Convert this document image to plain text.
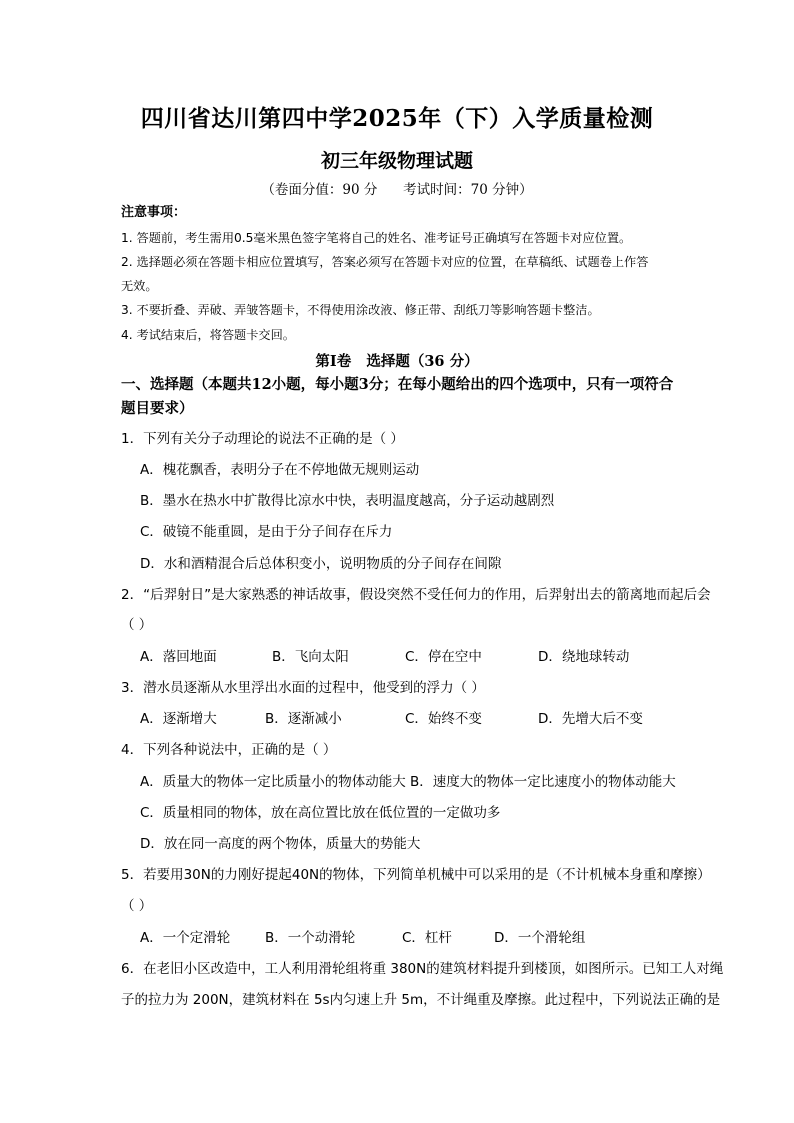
四川省达川第四中学2025年（下）入学质量检测
初三年级物理试题
（卷面分值：90 分      考试时间：70 分钟）
注意事项：
1. 答题前，考生需用0.5毫米黑色签字笔将自己的姓名、准考证号正确填写在答题卡对应位置。
2. 选择题必须在答题卡相应位置填写，答案必须写在答题卡对应的位置，在草稿纸、试题卷上作答
无效。
3. 不要折叠、弄破、弄皱答题卡，不得使用涂改液、修正带、刮纸刀等影响答题卡整洁。
4. 考试结束后，将答题卡交回。
第Ⅰ卷   选择题（36 分）
一、选择题（本题共12小题，每小题3分；在每小题给出的四个选项中，只有一项符合
题目要求）
1．下列有关分子动理论的说法不正确的是（ ）
A．槐花飘香，表明分子在不停地做无规则运动
B．墨水在热水中扩散得比凉水中快，表明温度越高，分子运动越剧烈
C．破镜不能重圆，是由于分子间存在斥力
D．水和酒精混合后总体积变小，说明物质的分子间存在间隙
2．“后羿射日”是大家熟悉的神话故事，假设突然不受任何力的作用，后羿射出去的箭离地而起后会
（ ）
A．落回地面	B．飞向太阳	C．停在空中	D．绕地球转动
3．潜水员逐渐从水里浮出水面的过程中，他受到的浮力（ ）
A．逐渐增大	B．逐渐减小	C．始终不变	D．先增大后不变
4．下列各种说法中，正确的是（ ）
A．质量大的物体一定比质量小的物体动能大 B．速度大的物体一定比速度小的物体动能大
C．质量相同的物体，放在高位置比放在低位置的一定做功多
D．放在同一高度的两个物体，质量大的势能大
5．若要用30N的力刚好提起40N的物体，下列简单机械中可以采用的是（不计机械本身重和摩擦）
（ ）
A．一个定滑轮	B．一个动滑轮	C．杠杆	D．一个滑轮组
6．在老旧小区改造中，工人利用滑轮组将重 380N的建筑材料提升到楼顶，如图所示。已知工人对绳
子的拉力为 200N，建筑材料在 5s内匀速上升 5m，不计绳重及摩擦。此过程中，下列说法正确的是
